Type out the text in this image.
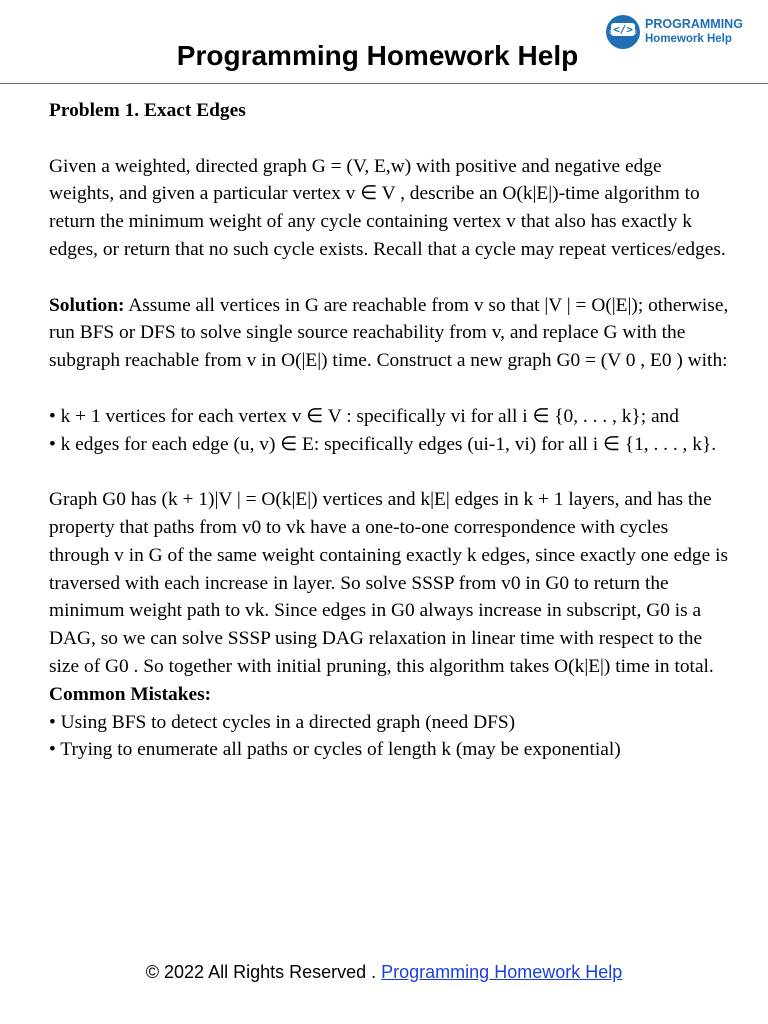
Programming Homework Help
</> PROGRAMMING
Homework Help

Problem 1. Exact Edges

Given a weighted, directed graph G = (V, E,w) with positive and negative edge weights, and given a particular vertex v ∈ V , describe an O(k|E|)-time algorithm to return the minimum weight of any cycle containing vertex v that also has exactly k edges, or return that no such cycle exists. Recall that a cycle may repeat vertices/edges.

Solution: Assume all vertices in G are reachable from v so that |V | = O(|E|); otherwise, run BFS or DFS to solve single source reachability from v, and replace G with the subgraph reachable from v in O(|E|) time. Construct a new graph G0 = (V 0 , E0 ) with:

• k + 1 vertices for each vertex v ∈ V : specifically vi for all i ∈ {0, . . . , k}; and

• k edges for each edge (u, v) ∈ E: specifically edges (ui-1, vi) for all i ∈ {1, . . . , k}.

Graph G0 has (k + 1)|V | = O(k|E|) vertices and k|E| edges in k + 1 layers, and has the property that paths from v0 to vk have a one-to-one correspondence with cycles through v in G of the same weight containing exactly k edges, since exactly one edge is traversed with each increase in layer. So solve SSSP from v0 in G0 to return the minimum weight path to vk. Since edges in G0 always increase in subscript, G0 is a DAG, so we can solve SSSP using DAG relaxation in linear time with respect to the size of G0 . So together with initial pruning, this algorithm takes O(k|E|) time in total.

Common Mistakes:

• Using BFS to detect cycles in a directed graph (need DFS)

• Trying to enumerate all paths or cycles of length k (may be exponential)

© 2022 All Rights Reserved . Programming Homework Help
